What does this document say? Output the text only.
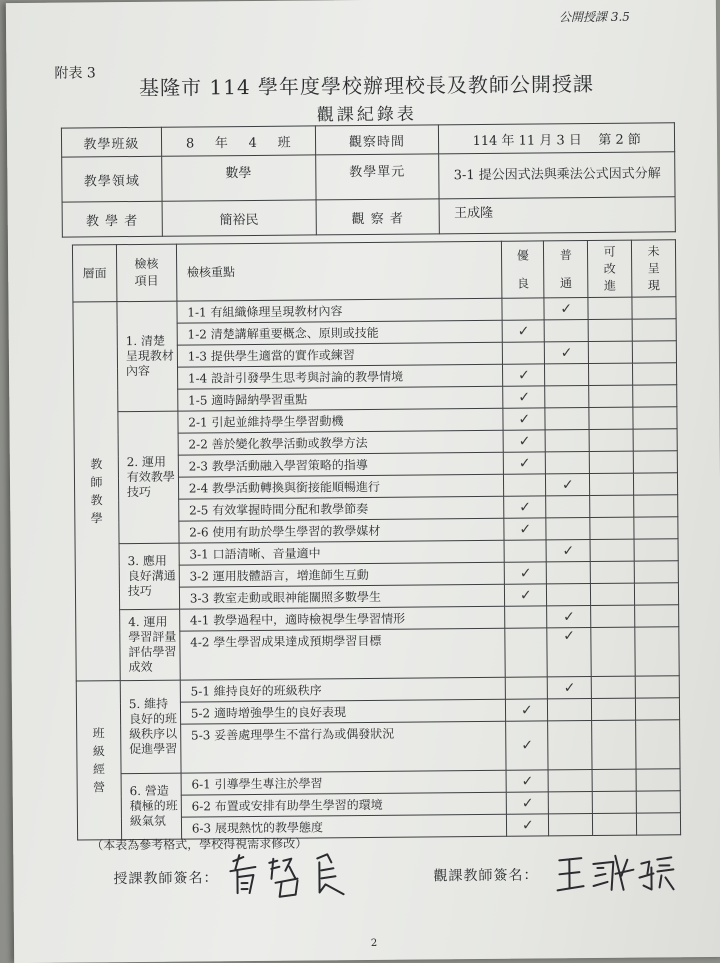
公開授課 3.5
附表 3	基隆市 114 學年度學校辦理校長及教師公開授課
觀課紀錄表
教學班級	8 年 4 班	觀察時間	114 年 11 月 3 日 第 2 節
教學領域	數學	教學單元	3-1 提公因式法與乘法公式因式分解
教 學 者	簡裕民	觀 察 者	王成隆
層面	檢核項目	檢核重點	優良	普通	可改進	未呈現
教師教學	1. 清楚呈現教材內容	1-1 有組織條理呈現教材內容		✓		
		1-2 清楚講解重要概念、原則或技能	✓			
		1-3 提供學生適當的實作或練習		✓		
		1-4 設計引發學生思考與討論的教學情境	✓			
		1-5 適時歸納學習重點	✓			
	2. 運用有效教學技巧	2-1 引起並維持學生學習動機	✓			
		2-2 善於變化教學活動或教學方法	✓			
		2-3 教學活動融入學習策略的指導	✓			
		2-4 教學活動轉換與銜接能順暢進行		✓		
		2-5 有效掌握時間分配和教學節奏	✓			
		2-6 使用有助於學生學習的教學媒材	✓			
	3. 應用良好溝通技巧	3-1 口語清晰、音量適中		✓		
		3-2 運用肢體語言，增進師生互動	✓			
		3-3 教室走動或眼神能關照多數學生	✓			
	4. 運用學習評量評估學習成效	4-1 教學過程中，適時檢視學生學習情形		✓		
		4-2 學生學習成果達成預期學習目標		✓		
班級經營	5. 維持良好的班級秩序以促進學習	5-1 維持良好的班級秩序		✓		
		5-2 適時增強學生的良好表現	✓			
		5-3 妥善處理學生不當行為或偶發狀況	✓			
	6. 營造積極的班級氣氛	6-1 引導學生專注於學習	✓			
		6-2 布置或安排有助學生學習的環境	✓			
		6-3 展現熱忱的教學態度	✓			
（本表為參考格式，學校得視需求修改）
授課教師簽名：	觀課教師簽名：
2
